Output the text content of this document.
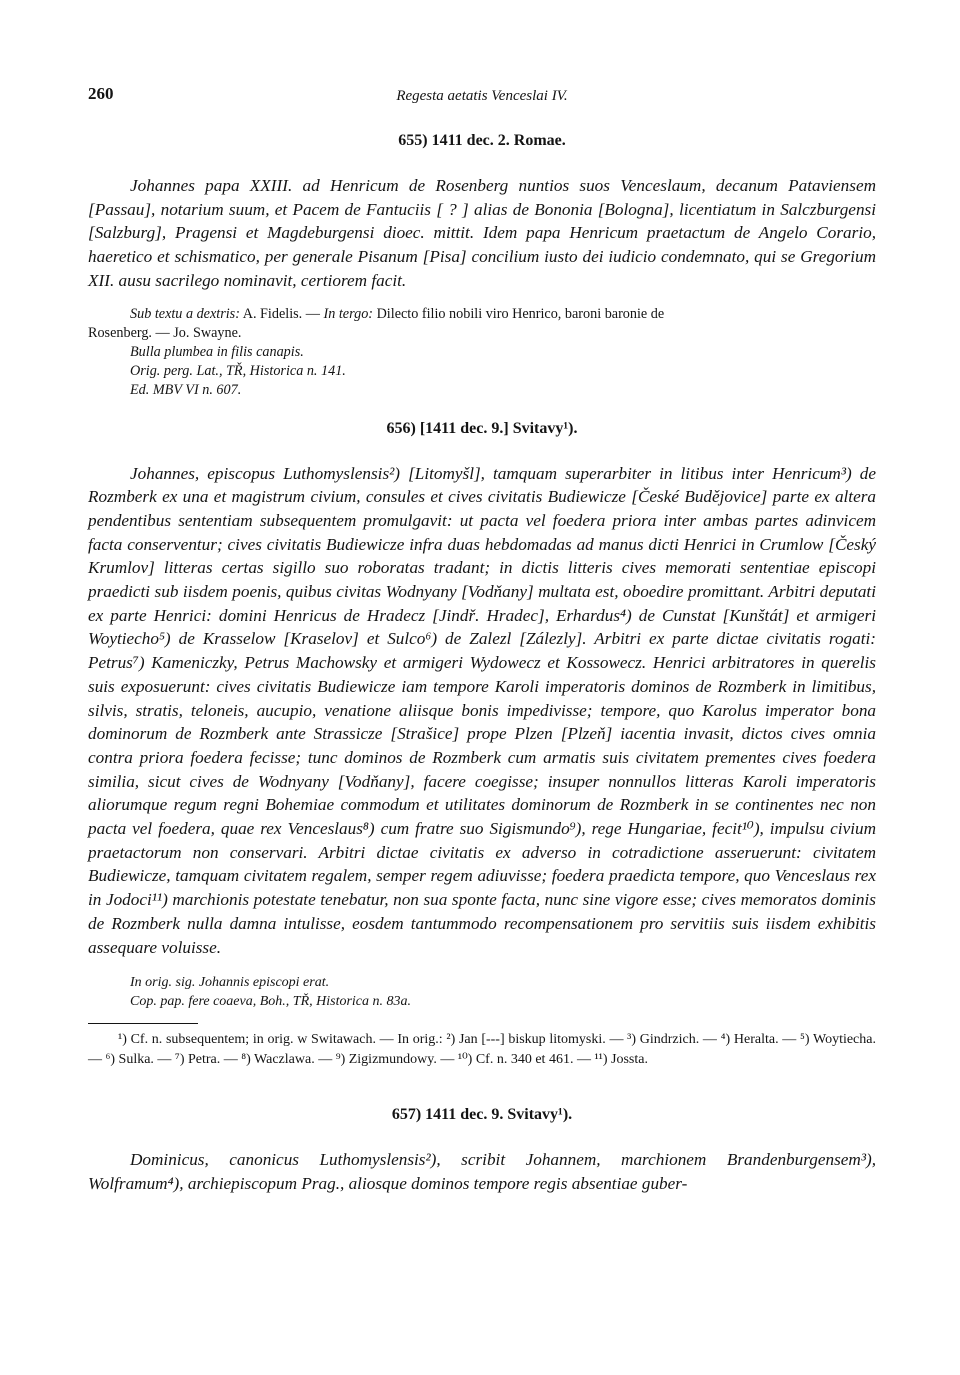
260	Regesta aetatis Venceslai IV.
655) 1411 dec. 2. Romae.

Johannes papa XXIII. ad Henricum de Rosenberg nuntios suos Venceslaum, decanum Pataviensem [Passau], notarium suum, et Pacem de Fantuciis [ ? ] alias de Bononia [Bologna], licentiatum in Salczburgensi [Salzburg], Pragensi et Magdeburgensi dioec. mittit. Idem papa Henricum praetactum de Angelo Corario, haeretico et schismatico, per generale Pisanum [Pisa] concilium iusto dei iudicio condemnato, qui se Gregorium XII. ausu sacrilego nominavit, certiorem facit.

Sub textu a dextris: A. Fidelis. — In tergo: Dilecto filio nobili viro Henrico, baroni baronie de
Rosenberg. — Jo. Swayne.
Bulla plumbea in filis canapis.
Orig. perg. Lat., TŘ, Historica n. 141.
Ed. MBV VI n. 607.
656) [1411 dec. 9.] Svitavy¹).

Johannes, episcopus Luthomyslensis²) [Litomyšl], tamquam superarbiter in litibus inter Henricum³) de Rozmberk ex una et magistrum civium, consules et cives civitatis Budiewicze [České Budějovice] parte ex altera pendentibus sententiam subsequentem promulgavit: ut pacta vel foedera priora inter ambas partes adinvicem facta conserventur; cives civitatis Budiewicze infra duas hebdomadas ad manus dicti Henrici in Crumlow [Český Krumlov] litteras certas sigillo suo roboratas tradant; in dictis litteris cives memorati sententiae episcopi praedicti sub iisdem poenis, quibus civitas Wodnyany [Vodňany] multata est, oboedire promittant. Arbitri deputati ex parte Henrici: domini Henricus de Hradecz [Jindř. Hradec], Erhardus⁴) de Cunstat [Kunštát] et armigeri Woytiecho⁵) de Krasselow [Kraselov] et Sulco⁶) de Zalezl [Zálezly]. Arbitri ex parte dictae civitatis rogati: Petrus⁷) Kameniczky, Petrus Machowsky et armigeri Wydowecz et Kossowecz. Henrici arbitratores in querelis suis exposuerunt: cives civitatis Budiewicze iam tempore Karoli imperatoris dominos de Rozmberk in limitibus, silvis, stratis, teloneis, aucupio, venatione aliisque bonis impedivisse; tempore, quo Karolus imperator bona dominorum de Rozmberk ante Strassicze [Strašice] prope Plzen [Plzeň] iacentia invasit, dictos cives omnia contra priora foedera fecisse; tunc dominos de Rozmberk cum armatis suis civitatem prementes cives foedera similia, sicut cives de Wodnyany [Vodňany], facere coegisse; insuper nonnullos litteras Karoli imperatoris aliorumque regum regni Bohemiae commodum et utilitates dominorum de Rozmberk in se continentes nec non pacta vel foedera, quae rex Venceslaus⁸) cum fratre suo Sigismundo⁹), rege Hungariae, fecit¹⁰), impulsu civium praetactorum non conservari. Arbitri dictae civitatis ex adverso in cotradictione asseruerunt: civitatem Budiewicze, tamquam civitatem regalem, semper regem adiuvisse; foedera praedicta tempore, quo Venceslaus rex in Jodoci¹¹) marchionis potestate tenebatur, non sua sponte facta, nunc sine vigore esse; cives memoratos dominis de Rozmberk nulla damna intulisse, eosdem tantummodo recompensationem pro servitiis suis iisdem exhibitis assequare voluisse.

In orig. sig. Johannis episcopi erat.
Cop. pap. fere coaeva, Boh., TŘ, Historica n. 83a.

¹) Cf. n. subsequentem; in orig. w Switawach. — In orig.: ²) Jan [---] biskup litomyski. — ³) Gindrzich. — ⁴) Heralta. — ⁵) Woytiecha. — ⁶) Sulka. — ⁷) Petra. — ⁸) Waczlawa. — ⁹) Zigizmundowy. — ¹⁰) Cf. n. 340 et 461. — ¹¹) Jossta.

657) 1411 dec. 9. Svitavy¹).

Dominicus, canonicus Luthomyslensis²), scribit Johannem, marchionem Brandenburgensem³), Wolframum⁴), archiepiscopum Prag., aliosque dominos tempore regis absentiae guber-
